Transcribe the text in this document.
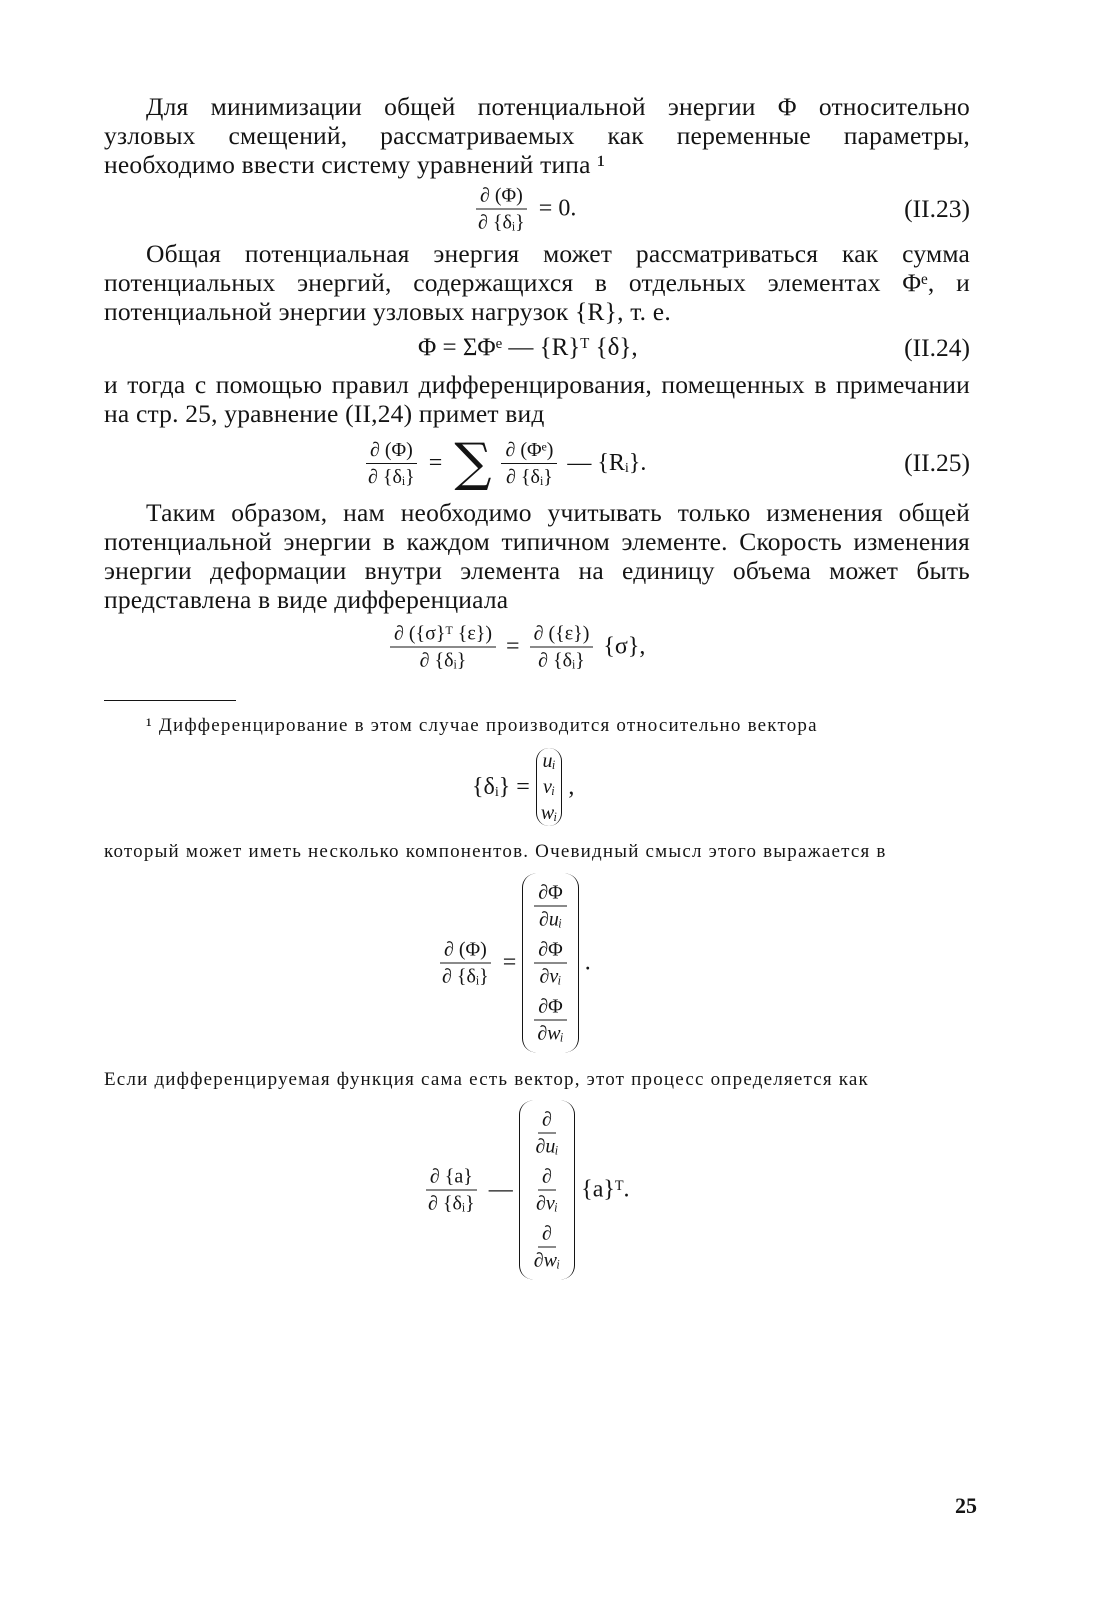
Для минимизации общей потенциальной энергии Φ относительно узловых смещений, рассматриваемых как переменные параметры, необходимо ввести систему уравнений типа ¹

$\frac{\partial (\Phi)}{\text{∂ \{δᵢ\}}} = 0$.	(II.23)

Общая потенциальная энергия может рассматриваться как сумма потенциальных энергий, содержащихся в отдельных элементах Φᵉ, и потенциальной энергии узловых нагрузок {R}, т. е.

Φ = ΣΦᵉ — {R}ᵀ {δ},	(II.24)

и тогда с помощью правил дифференцирования, помещенных в примечании на стр. 25, уравнение (II,24) примет вид

$\frac{\partial (\Phi)}{\text{∂ \{δᵢ\}}}$ = ∑ $\frac{\text{∂ (Φᵉ)}}{\text{∂ \{δᵢ\}}}$ — {Rᵢ}.	(II.25)

Таким образом, нам необходимо учитывать только изменения общей потенциальной энергии в каждом типичном элементе. Скорость изменения энергии деформации внутри элемента на единицу объема может быть представлена в виде дифференциала

$\frac{\text{∂ (\{σ\}ᵀ \{ε\})}}{\text{∂ \{δᵢ\}}} = \frac{\partial (\{\varepsilon\})}{\text{∂ \{δᵢ\}}} \{\sigma\}$,

¹ Дифференцирование в этом случае производится относительно вектора

{δᵢ} =
uᵢ
vᵢ
wᵢ
,

который может иметь несколько компонентов. Очевидный смысл этого выражается в

$\frac{\partial (\Phi)}{\text{∂ \{δᵢ\}}}$ =
$\frac{\partial\Phi}{\text{∂uᵢ}}$
$\frac{\partial\Phi}{\text{∂vᵢ}}$
$\frac{\partial\Phi}{\text{∂wᵢ}}$
.

Если дифференцируемая функция сама есть вектор, этот процесс определяется как

$\frac{\partial \{a\}}{\text{∂ \{δᵢ\}}}$ —
$\frac{\partial}{\text{∂uᵢ}}$
$\frac{\partial}{\text{∂vᵢ}}$
$\frac{\partial}{\text{∂wᵢ}}$
{a}ᵀ.
25
